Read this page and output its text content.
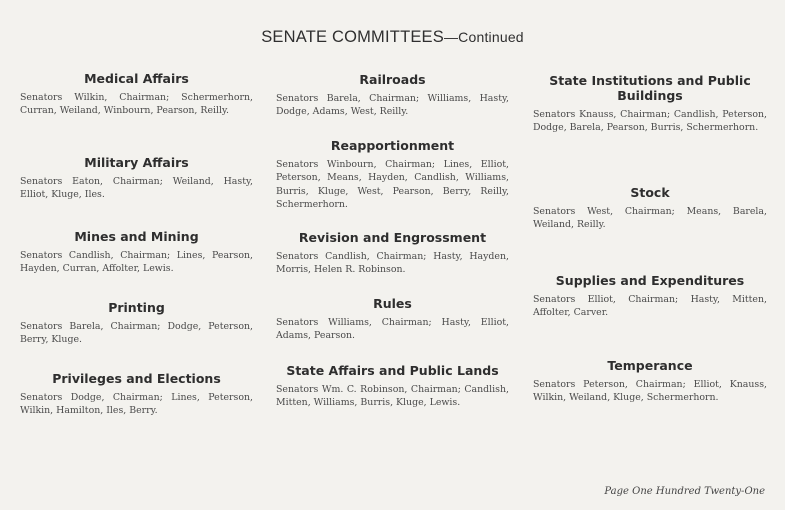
SENATE COMMITTEES—Continued
Medical Affairs

Senators Wilkin, Chairman; Schermerhorn, Curran, Weiland, Winbourn, Pearson, Reilly.

Military Affairs

Senators Eaton, Chairman; Weiland, Hasty, Elliot, Kluge, Iles.

Mines and Mining

Senators Candlish, Chairman; Lines, Pearson, Hayden, Curran, Affolter, Lewis.

Printing

Senators Barela, Chairman; Dodge, Peterson, Berry, Kluge.

Privileges and Elections

Senators Dodge, Chairman; Lines, Peterson, Wilkin, Hamilton, Iles, Berry.

Railroads

Senators Barela, Chairman; Williams, Hasty, Dodge, Adams, West, Reilly.

Reapportionment

Senators Winbourn, Chairman; Lines, Elliot, Peterson, Means, Hayden, Candlish, Williams, Burris, Kluge, West, Pearson, Berry, Reilly, Schermerhorn.

Revision and Engrossment

Senators Candlish, Chairman; Hasty, Hayden, Morris, Helen R. Robinson.

Rules

Senators Williams, Chairman; Hasty, Elliot, Adams, Pearson.

State Affairs and Public Lands

Senators Wm. C. Robinson, Chairman; Candlish, Mitten, Williams, Burris, Kluge, Lewis.

State Institutions and Public Buildings

Senators Knauss, Chairman; Candlish, Peterson, Dodge, Barela, Pearson, Burris, Schermerhorn.

Stock

Senators West, Chairman; Means, Barela, Weiland, Reilly.

Supplies and Expenditures

Senators Elliot, Chairman; Hasty, Mitten, Affolter, Carver.

Temperance

Senators Peterson, Chairman; Elliot, Knauss, Wilkin, Weiland, Kluge, Schermerhorn.

Page One Hundred Twenty-One
